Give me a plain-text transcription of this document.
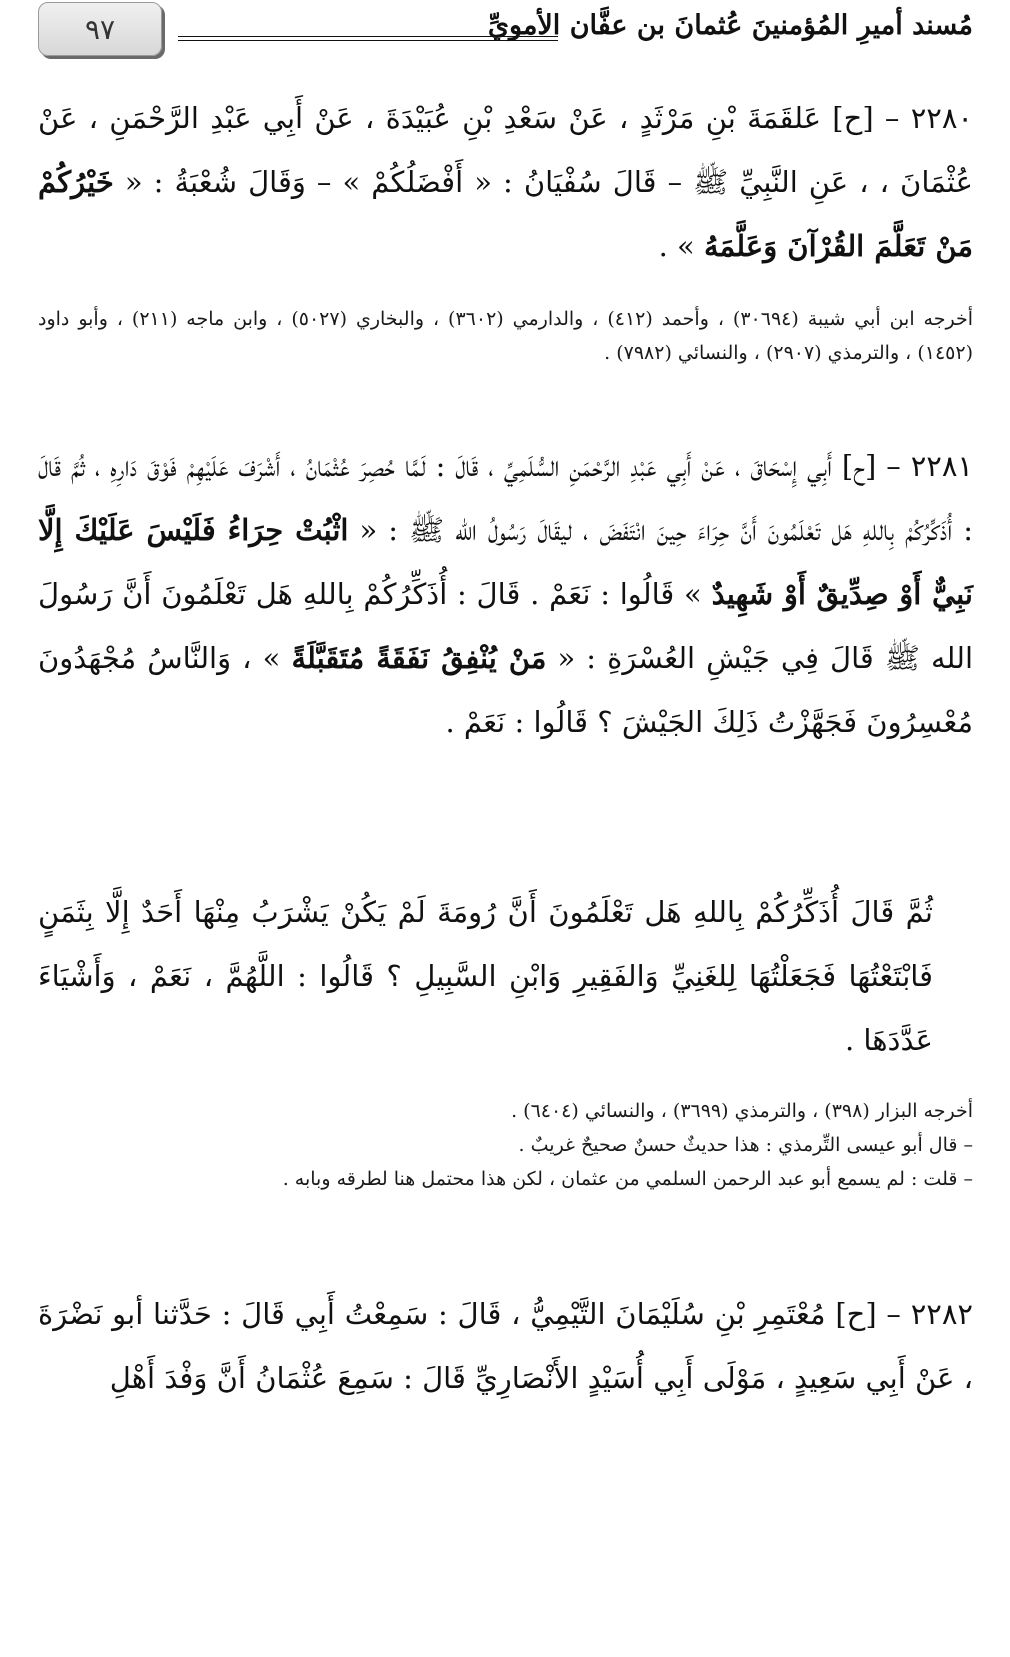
٩٧	مُسند أميرِ المُؤمنينَ عُثمانَ بن عفَّان الأمويِّ
٢٢٨٠ – [ح] عَلقَمَةَ بْنِ مَرْثَدٍ ، عَنْ سَعْدِ بْنِ عُبَيْدَةَ ، عَنْ أَبِي عَبْدِ الرَّحْمَنِ ، عَنْ عُثْمَانَ ، ، عَنِ النَّبِيِّ ﷺ – قَالَ سُفْيَانُ : « أَفْضَلُكُمْ » – وَقَالَ شُعْبَةُ : « خَيْرُكُمْ مَنْ تَعَلَّمَ القُرْآنَ وَعَلَّمَهُ » .
أخرجه ابن أبي شيبة (٣٠٦٩٤) ، وأحمد (٤١٢) ، والدارمي (٣٦٠٢) ، والبخاري (٥٠٢٧) ، وابن ماجه (٢١١) ، وأبو داود (١٤٥٢) ، والترمذي (٢٩٠٧) ، والنسائي (٧٩٨٢) .
٢٢٨١ – [ح] أَبِي إِسْحَاقَ ، عَنْ أَبِي عَبْدِ الرَّحْمَنِ السُّلَمِيِّ ، قَالَ : لَمَّا حُصِرَ عُثْمَانُ ، أَشْرَفَ عَلَيْهِمْ فَوْقَ دَارِهِ ، ثُمَّ قَالَ : أُذَكِّرُكُمْ بِاللهِ هَل تَعْلَمُونَ أَنَّ حِرَاءَ حِينَ انْتَفَضَ ، ليقَالَ رَسُولُ الله ﷺ : « اثْبُتْ حِرَاءُ فَلَيْسَ عَلَيْكَ إِلَّا نَبِيٌّ أَوْ صِدِّيقٌ أَوْ شَهِيدٌ » قَالُوا : نَعَمْ . قَالَ : أُذَكِّرُكُمْ بِاللهِ هَل تَعْلَمُونَ أَنَّ رَسُولَ الله ﷺ قَالَ فِي جَيْشِ العُسْرَةِ : « مَنْ يُنْفِقُ نَفَقَةً مُتَقَبَّلَةً » ، وَالنَّاسُ مُجْهَدُونَ مُعْسِرُونَ فَجَهَّزْتُ ذَلِكَ الجَيْشَ ؟ قَالُوا : نَعَمْ .
ثُمَّ قَالَ أُذَكِّرُكُمْ بِاللهِ هَل تَعْلَمُونَ أَنَّ رُومَةَ لَمْ يَكُنْ يَشْرَبُ مِنْهَا أَحَدٌ إِلَّا بِثَمَنٍ فَابْتَعْتُهَا فَجَعَلْتُهَا لِلغَنِيِّ وَالفَقِيرِ وَابْنِ السَّبِيلِ ؟ قَالُوا : اللَّهُمَّ ، نَعَمْ ، وَأَشْيَاءَ عَدَّدَهَا .
أخرجه البزار (٣٩٨) ، والترمذي (٣٦٩٩) ، والنسائي (٦٤٠٤) .
– قال أبو عيسى التِّرمذي : هذا حديثٌ حسنٌ صحيحٌ غريبٌ .
– قلت : لم يسمع أبو عبد الرحمن السلمي من عثمان ، لكن هذا محتمل هنا لطرقه وبابه .
٢٢٨٢ – [ح] مُعْتَمِرِ بْنِ سُلَيْمَانَ التَّيْمِيُّ ، قَالَ : سَمِعْتُ أَبِي قَالَ : حَدَّثنا أبو نَضْرَةَ ، عَنْ أَبِي سَعِيدٍ ، مَوْلَى أَبِي أُسَيْدٍ الأَنْصَارِيِّ قَالَ : سَمِعَ عُثْمَانُ أَنَّ وَفْدَ أَهْلِ
